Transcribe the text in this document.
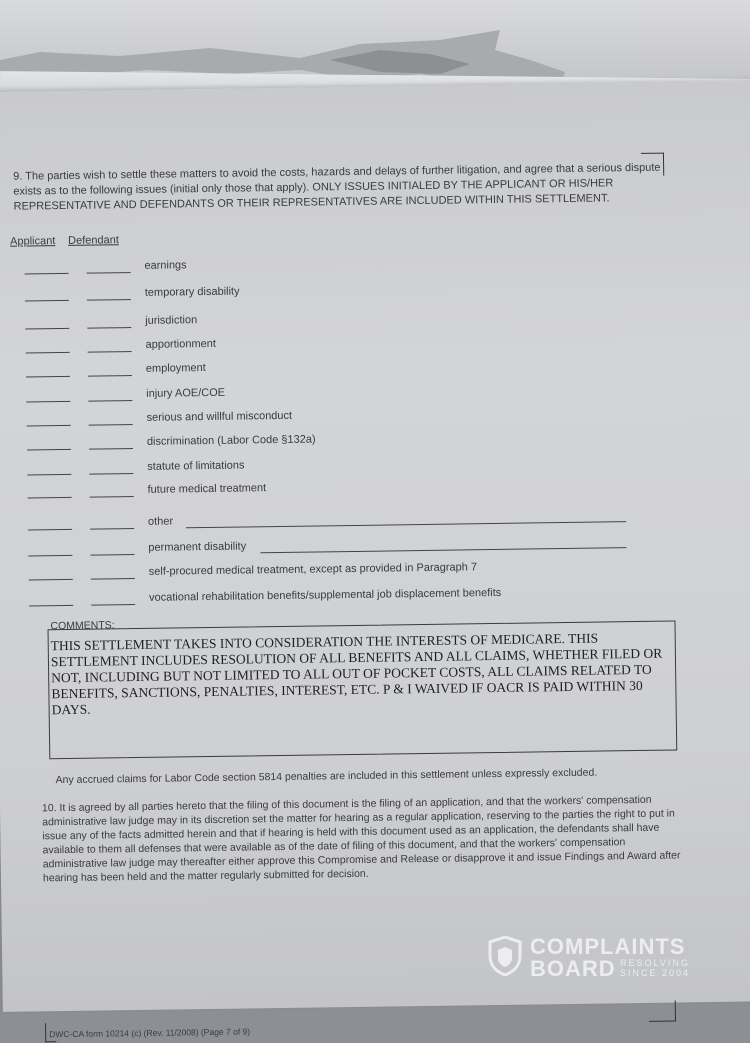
9. The parties wish to settle these matters to avoid the costs, hazards and delays of further litigation, and agree that a serious dispute exists as to the following issues (initial only those that apply). ONLY ISSUES INITIALED BY THE APPLICANT OR HIS/HER REPRESENTATIVE AND DEFENDANTS OR THEIR REPRESENTATIVES ARE INCLUDED WITHIN THIS SETTLEMENT.
Applicant Defendant
earnings
temporary disability
jurisdiction
apportionment
employment
injury AOE/COE
serious and willful misconduct
discrimination (Labor Code §132a)
statute of limitations
future medical treatment
other
permanent disability
self-procured medical treatment, except as provided in Paragraph 7
vocational rehabilitation benefits/supplemental job displacement benefits
COMMENTS:
THIS SETTLEMENT TAKES INTO CONSIDERATION THE INTERESTS OF MEDICARE. THIS SETTLEMENT INCLUDES RESOLUTION OF ALL BENEFITS AND ALL CLAIMS, WHETHER FILED OR NOT, INCLUDING BUT NOT LIMITED TO ALL OUT OF POCKET COSTS, ALL CLAIMS RELATED TO BENEFITS, SANCTIONS, PENALTIES, INTEREST, ETC. P & I WAIVED IF OACR IS PAID WITHIN 30 DAYS.
Any accrued claims for Labor Code section 5814 penalties are included in this settlement unless expressly excluded.
10. It is agreed by all parties hereto that the filing of this document is the filing of an application, and that the workers' compensation administrative law judge may in its discretion set the matter for hearing as a regular application, reserving to the parties the right to put in issue any of the facts admitted herein and that if hearing is held with this document used as an application, the defendants shall have available to them all defenses that were available as of the date of filing of this document, and that the workers' compensation administrative law judge may thereafter either approve this Compromise and Release or disapprove it and issue Findings and Award after hearing has been held and the matter regularly submitted for decision.
DWC-CA form 10214 (c) (Rev. 11/2008) (Page 7 of 9)
COMPLAINTS
BOARD RESOLVING
SINCE 2004
